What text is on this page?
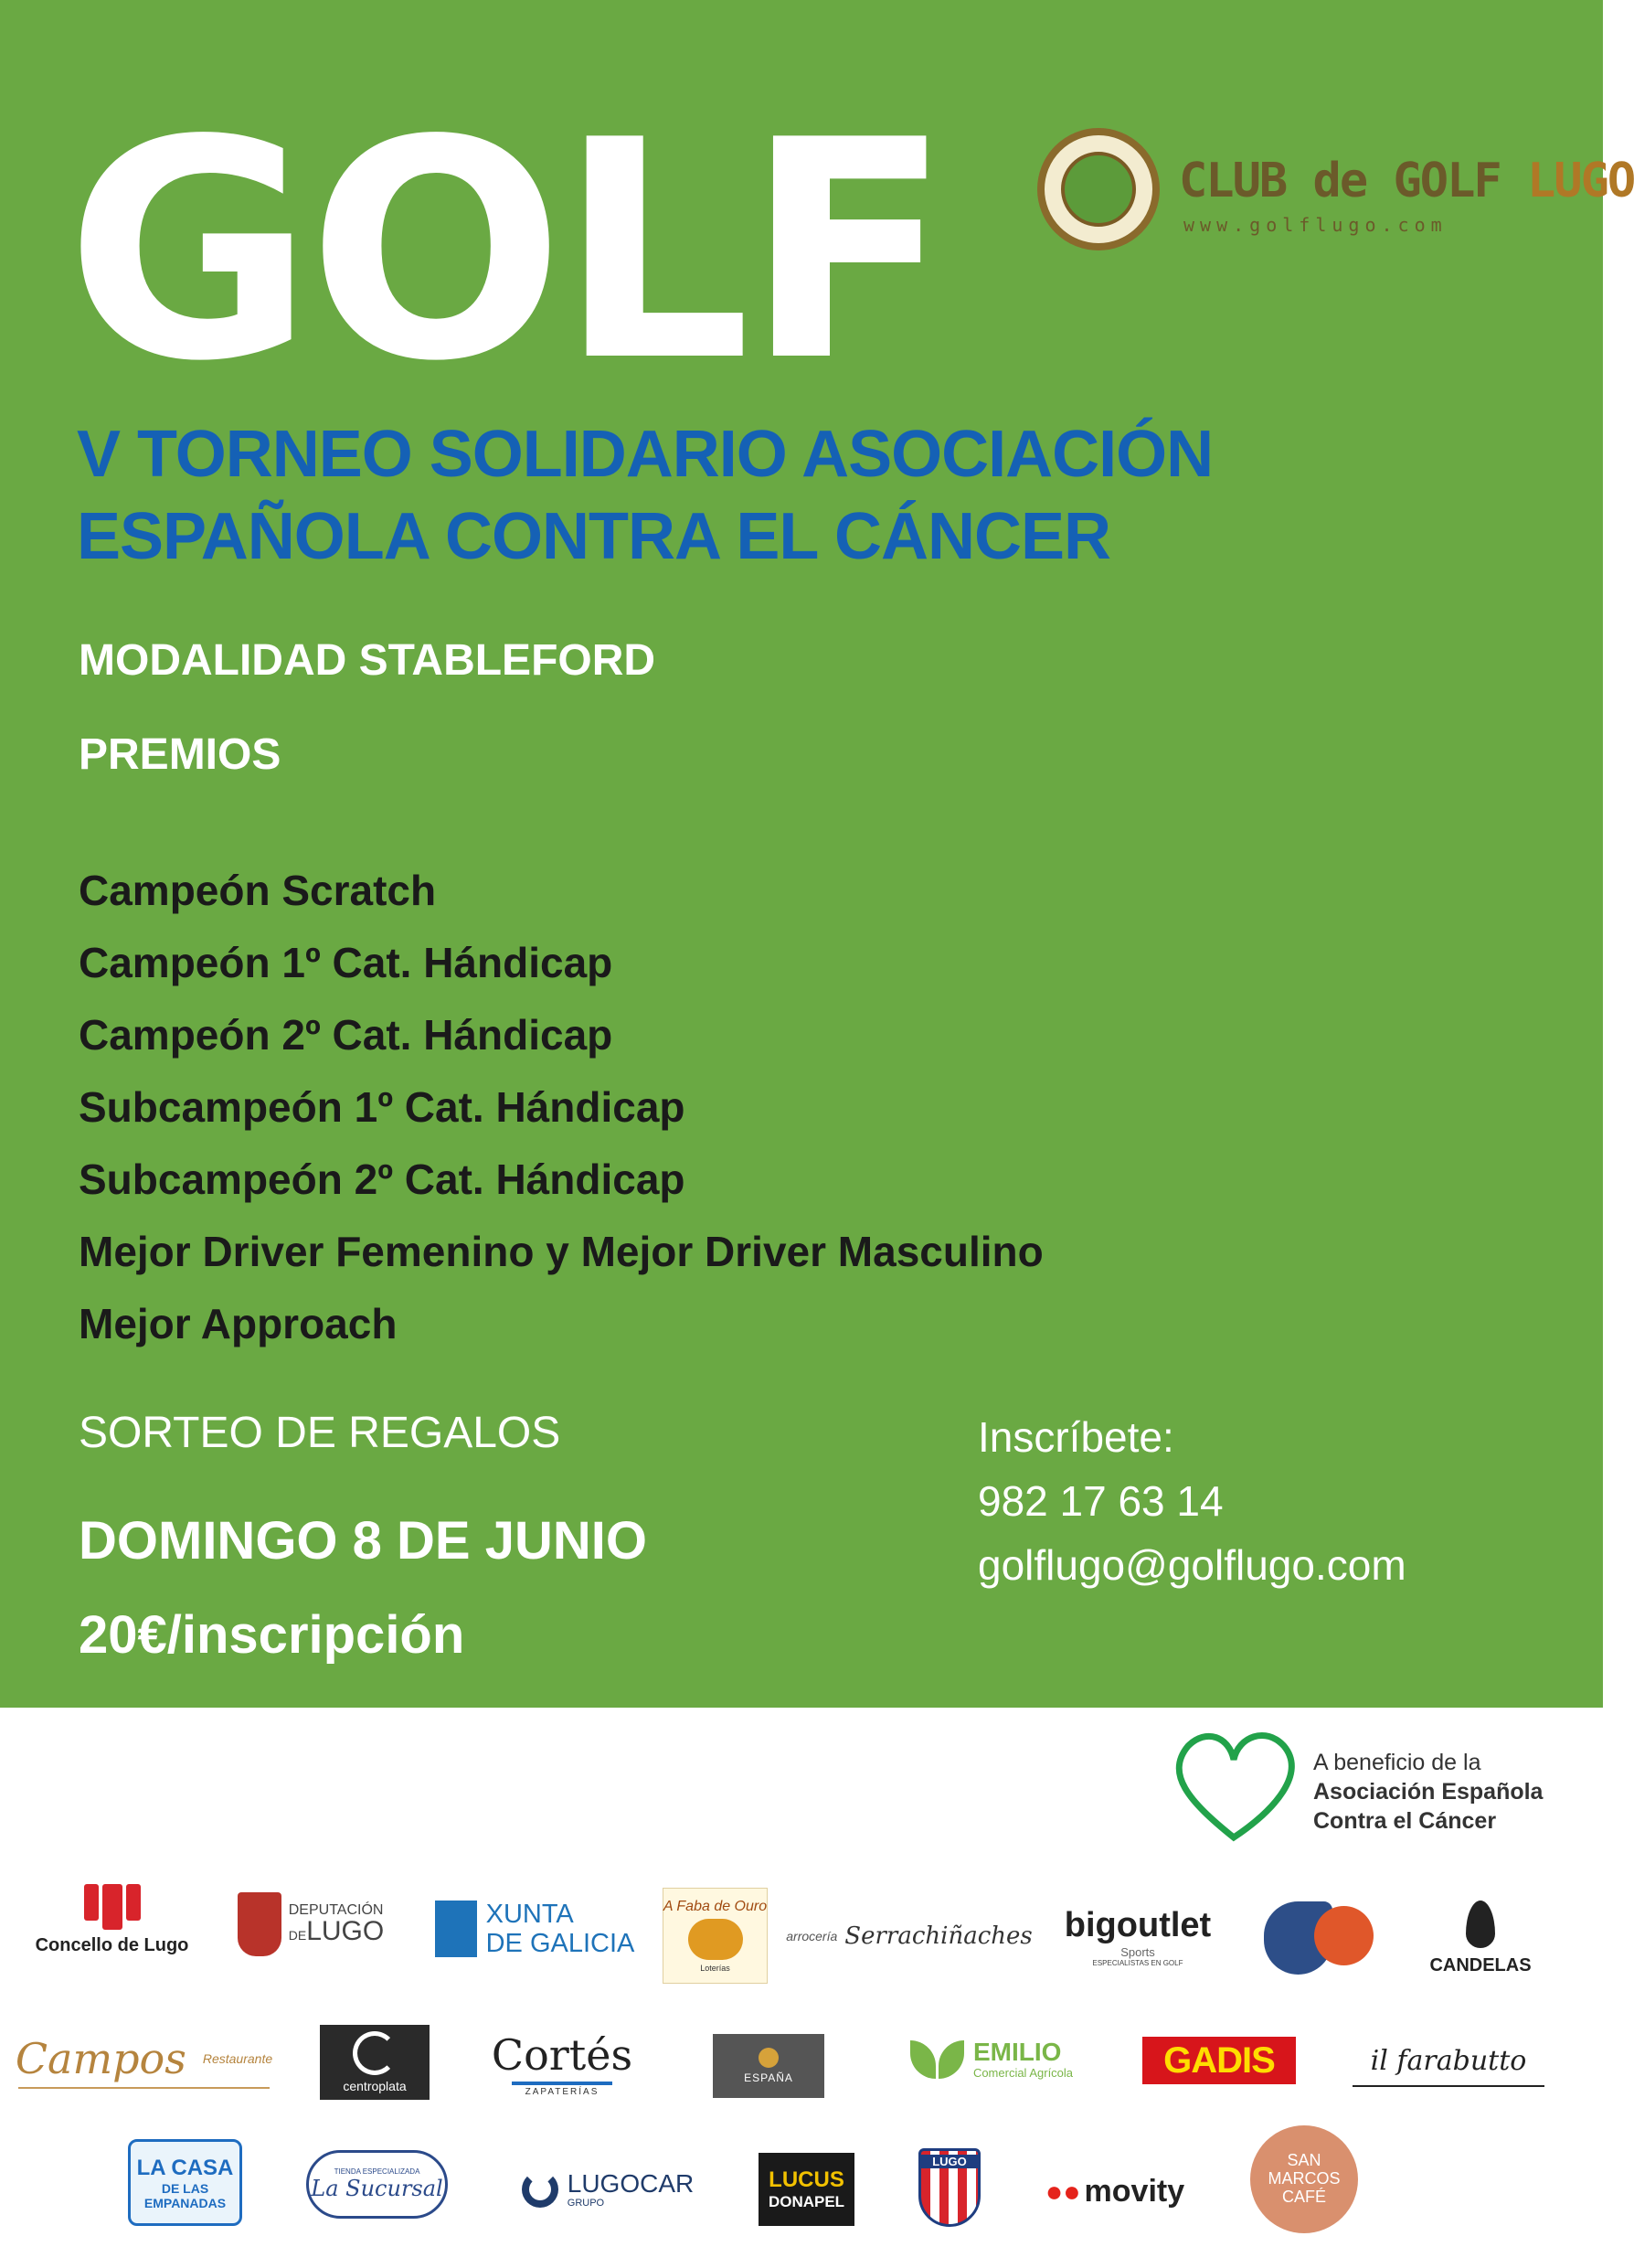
GOLF	CLUB de GOLF LUGO
www.golflugo.com
V TORNEO SOLIDARIO ASOCIACIÓN
ESPAÑOLA CONTRA EL CÁNCER
MODALIDAD STABLEFORD
PREMIOS
Campeón Scratch
Campeón 1º Cat. Hándicap
Campeón 2º Cat. Hándicap
Subcampeón 1º Cat. Hándicap
Subcampeón 2º Cat. Hándicap
Mejor Driver Femenino y Mejor Driver Masculino
Mejor Approach
SORTEO DE REGALOS
DOMINGO 8 DE JUNIO
20€/inscripción
Inscríbete:
982 17 63 14
golflugo@golflugo.com
A beneficio de la
Asociación Española
Contra el Cáncer
Concello de Lugo
DEPUTACIÓN
DELUGO
XUNTA
DE GALICIA
A Faba de Ouro
Loterías
arrocería Serrachiñaches bigoutlet
Sports
ESPECIALISTAS EN GOLF	CANDELAS
Campos Restaurante
centroplata
Cortés
ZAPATERÍAS
ESPAÑA
EMILIO
Comercial Agrícola GADIS	il farabutto
LA CASA
DE LAS
EMPANADAS
TIENDA ESPECIALIZADA
La Sucursal	LUGOCAR
GRUPO
LUCUS
DONAPEL
LUGO
●● movity
SAN
MARCOS
CAFÉ
